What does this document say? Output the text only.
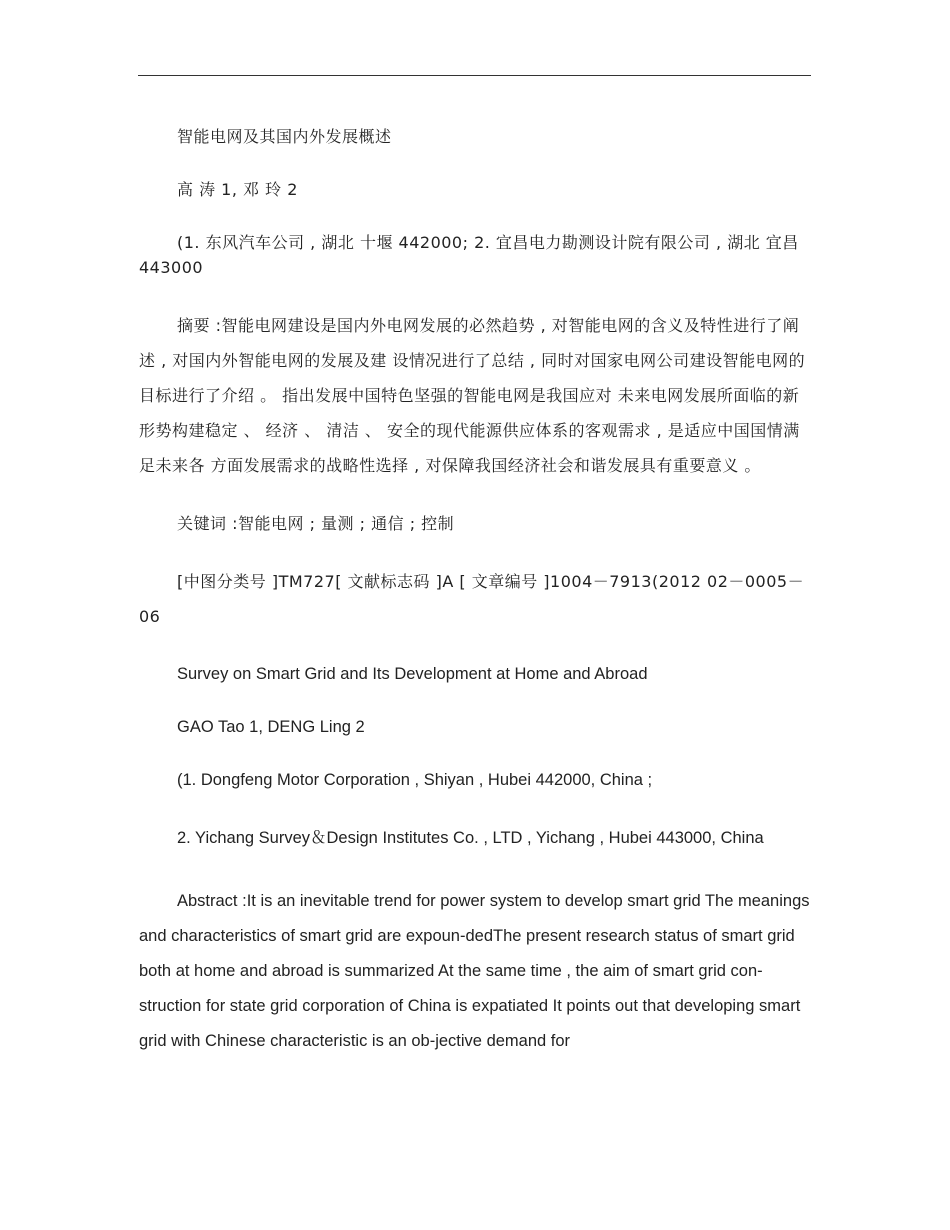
智能电网及其国内外发展概述

高 涛 1, 邓 玲 2

(1. 东风汽车公司 , 湖北 十堰 442000; 2. 宜昌电力勘测设计院有限公司 , 湖北 宜昌 443000

摘要 :智能电网建设是国内外电网发展的必然趋势 , 对智能电网的含义及特性进行了阐述 , 对国内外智能电网的发展及建 设情况进行了总结 , 同时对国家电网公司建设智能电网的目标进行了介绍 。 指出发展中国特色坚强的智能电网是我国应对 未来电网发展所面临的新形势构建稳定 、 经济 、 清洁 、 安全的现代能源供应体系的客观需求 , 是适应中国国情满足未来各 方面发展需求的战略性选择 , 对保障我国经济社会和谐发展具有重要意义 。

关键词 :智能电网 ; 量测 ; 通信 ; 控制

[中图分类号 ]TM727[ 文献标志码 ]A [ 文章编号 ]1004－7913(2012 02－0005－06

Survey on Smart Grid and Its Development at Home and Abroad

GAO Tao 1, DENG Ling 2

(1. Dongfeng Motor Corporation , Shiyan , Hubei 442000, China ;

2. Yichang Survey＆Design Institutes Co. , LTD , Yichang , Hubei 443000, China

Abstract :It is an inevitable trend for power system to develop smart grid The meanings and characteristics of smart grid are expoun-dedThe present research status of smart grid both at home and abroad is summarized At the same time , the aim of smart grid con-struction for state grid corporation of China is expatiated It points out that developing smart grid with Chinese characteristic is an ob-jective demand for
